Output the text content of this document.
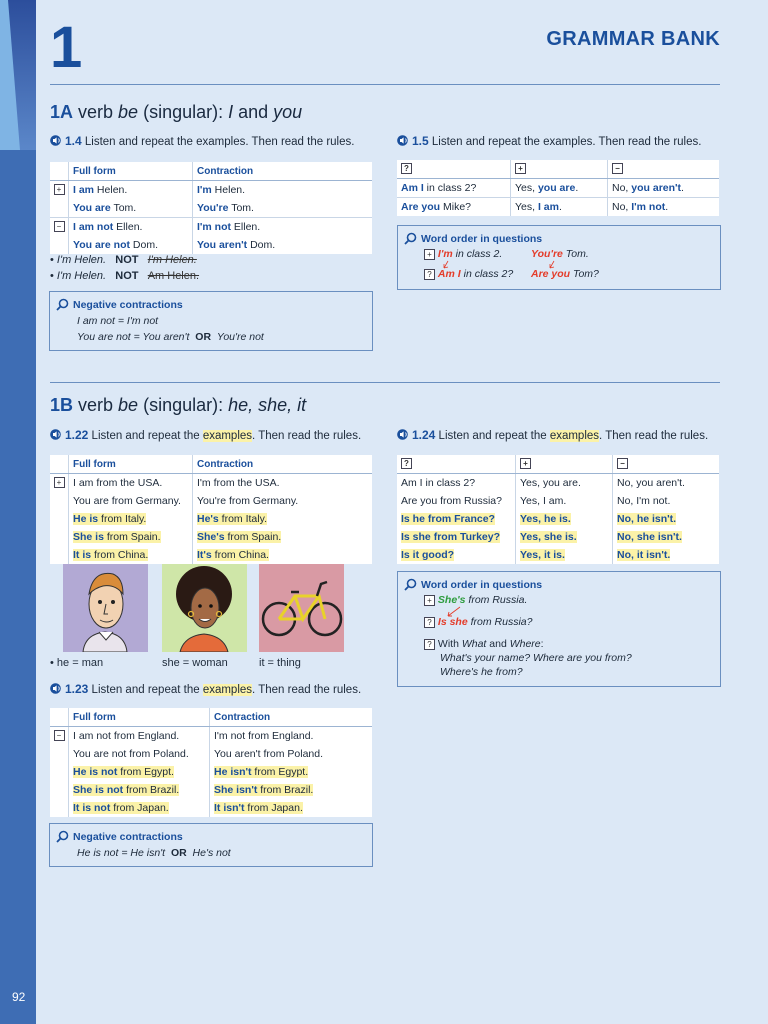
92
1	GRAMMAR BANK
1A verb be (singular): I and you
1.4 Listen and repeat the examples. Then read the rules.	1.5 Listen and repeat the examples. Then read the rules.
	Full form	Contraction
+	I am Helen.	I'm Helen.
	You are Tom.	You're Tom.
−	I am not Ellen.	I'm not Ellen.
	You are not Dom.	You aren't Dom.
• I'm Helen. NOT I'm Helen.
• I'm Helen. NOT Am Helen.
Negative contractions
I am not = I'm not
You are not = You aren't OR You're not
?	+	−
Am I in class 2?	Yes, you are.	No, you aren't.
Are you Mike?	Yes, I am.	No, I'm not.
Word order in questions
+ I'm in class 2.	You're Tom.
? Am I in class 2? Are you Tom?
1B verb be (singular): he, she, it
1.22 Listen and repeat the examples. Then read the rules.	1.24 Listen and repeat the examples. Then read the rules.
	Full form	Contraction
+	I am from the USA.	I'm from the USA.
	You are from Germany.	You're from Germany.
	He is from Italy.	He's from Italy.
	She is from Spain.	She's from Spain.
	It is from China.	It's from China.
?	+	−
Am I in class 2?	Yes, you are.	No, you aren't.
Are you from Russia?	Yes, I am.	No, I'm not.
Is he from France?	Yes, he is.	No, he isn't.
Is she from Turkey?	Yes, she is.	No, she isn't.
Is it good?	Yes, it is.	No, it isn't.
• he = man	she = woman	it = thing
1.23 Listen and repeat the examples. Then read the rules.
	Full form	Contraction
−	I am not from England.	I'm not from England.
	You are not from Poland.	You aren't from Poland.
	He is not from Egypt.	He isn't from Egypt.
	She is not from Brazil.	She isn't from Brazil.
	It is not from Japan.	It isn't from Japan.
Negative contractions
He is not = He isn't OR He's not
Word order in questions
+ She's from Russia.
? Is she from Russia?
? With What and Where:
What's your name? Where are you from?
Where's he from?
